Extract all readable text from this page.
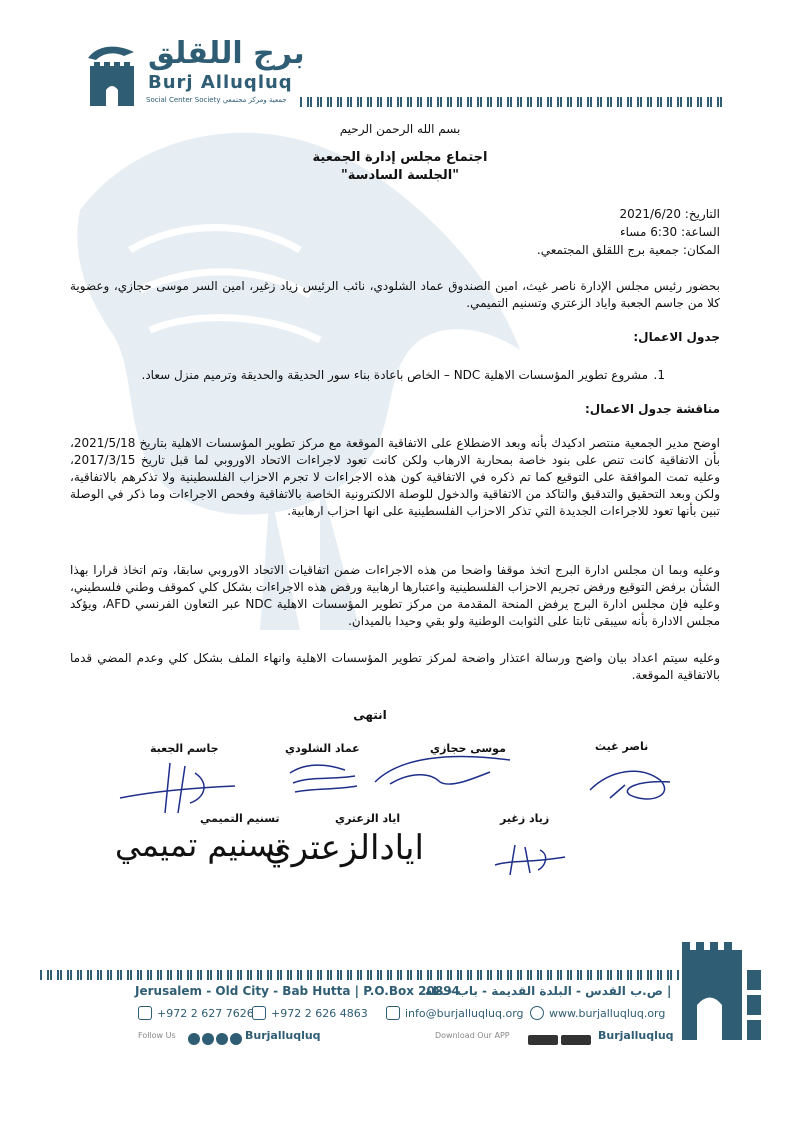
برج اللقلق
Burj Alluqluq
Social Center Society جمعية ومركز مجتمعي
بسم الله الرحمن الرحيم
اجتماع مجلس إدارة الجمعية
"الجلسة السادسة"
التاريخ: 2021/6/20
الساعة: 6:30 مساء
المكان: جمعية برج اللقلق المجتمعي.
بحضور رئيس مجلس الإدارة ناصر غيث، امين الصندوق عماد الشلودي، نائب الرئيس زياد زغير، امين السر موسى حجازي، وعضوية كلا من جاسم الجعبة واياد الزعتري وتسنيم التميمي.
جدول الاعمال:
1.
مشروع تطوير المؤسسات الاهلية NDC – الخاص باعادة بناء سور الحديقة والحديقة وترميم منزل سعاد.
مناقشة جدول الاعمال:
اوضح مدير الجمعية منتصر ادكيدك بأنه وبعد الاضطلاع على الاتفاقية الموقعة مع مركز تطوير المؤسسات الاهلية بتاريخ 2021/5/18، بأن الاتفاقية كانت تنص على بنود خاصة بمحاربة الارهاب ولكن كانت تعود لاجراءات الاتحاد الاوروبي لما قبل تاريخ 2017/3/15، وعليه تمت الموافقة على التوقيع كما تم ذكره في الاتفاقية كون هذه الاجراءات لا تجرم الاحزاب الفلسطينية ولا تذكرهم بالاتفاقية، ولكن وبعد التحقيق والتدقيق والتاكد من الاتفاقية والدخول للوصلة الالكترونية الخاصة بالاتفاقية وفحص الاجراءات وما ذكر في الوصلة تبين بأنها تعود للاجراءات الجديدة التي تذكر الاحزاب الفلسطينية على انها احزاب ارهابية.
وعليه وبما ان مجلس ادارة البرج اتخذ موقفا واضحا من هذه الاجراءات ضمن اتفاقيات الاتحاد الاوروبي سابقا، وتم اتخاذ قرارا بهذا الشأن برفض التوقيع ورفض تجريم الاحزاب الفلسطينية واعتبارها ارهابية ورفض هذه الاجراءات بشكل كلي كموقف وطني فلسطيني، وعليه فإن مجلس ادارة البرج يرفض المنحة المقدمة من مركز تطوير المؤسسات الاهلية NDC عبر التعاون الفرنسي AFD، ويؤكد مجلس الادارة بأنه سيبقى ثابتا على الثوابت الوطنية ولو بقي وحيدا بالميدان.
وعليه سيتم اعداد بيان واضح ورسالة اعتذار واضحة لمركز تطوير المؤسسات الاهلية وانهاء الملف بشكل كلي وعدم المضي قدما بالاتفاقية الموقعة.
انتهى
ناصر غيث
موسى حجازي
عماد الشلودي
جاسم الجعبة
زياد زغير
اياد الزعتري
تسنيم التميمي
ايادالزعتري
تسنيم تميمي
Jerusalem - Old City - Bab Hutta | P.O.Box 20894
| ص.ب القدس - البلدة القديمة - باب حطة
+972 2 627 7626 +972 2 626 4863	info@burjalluqluq.org www.burjalluqluq.org
Follow Us	Burjalluqluq	Download Our APP	Burjalluqluq
